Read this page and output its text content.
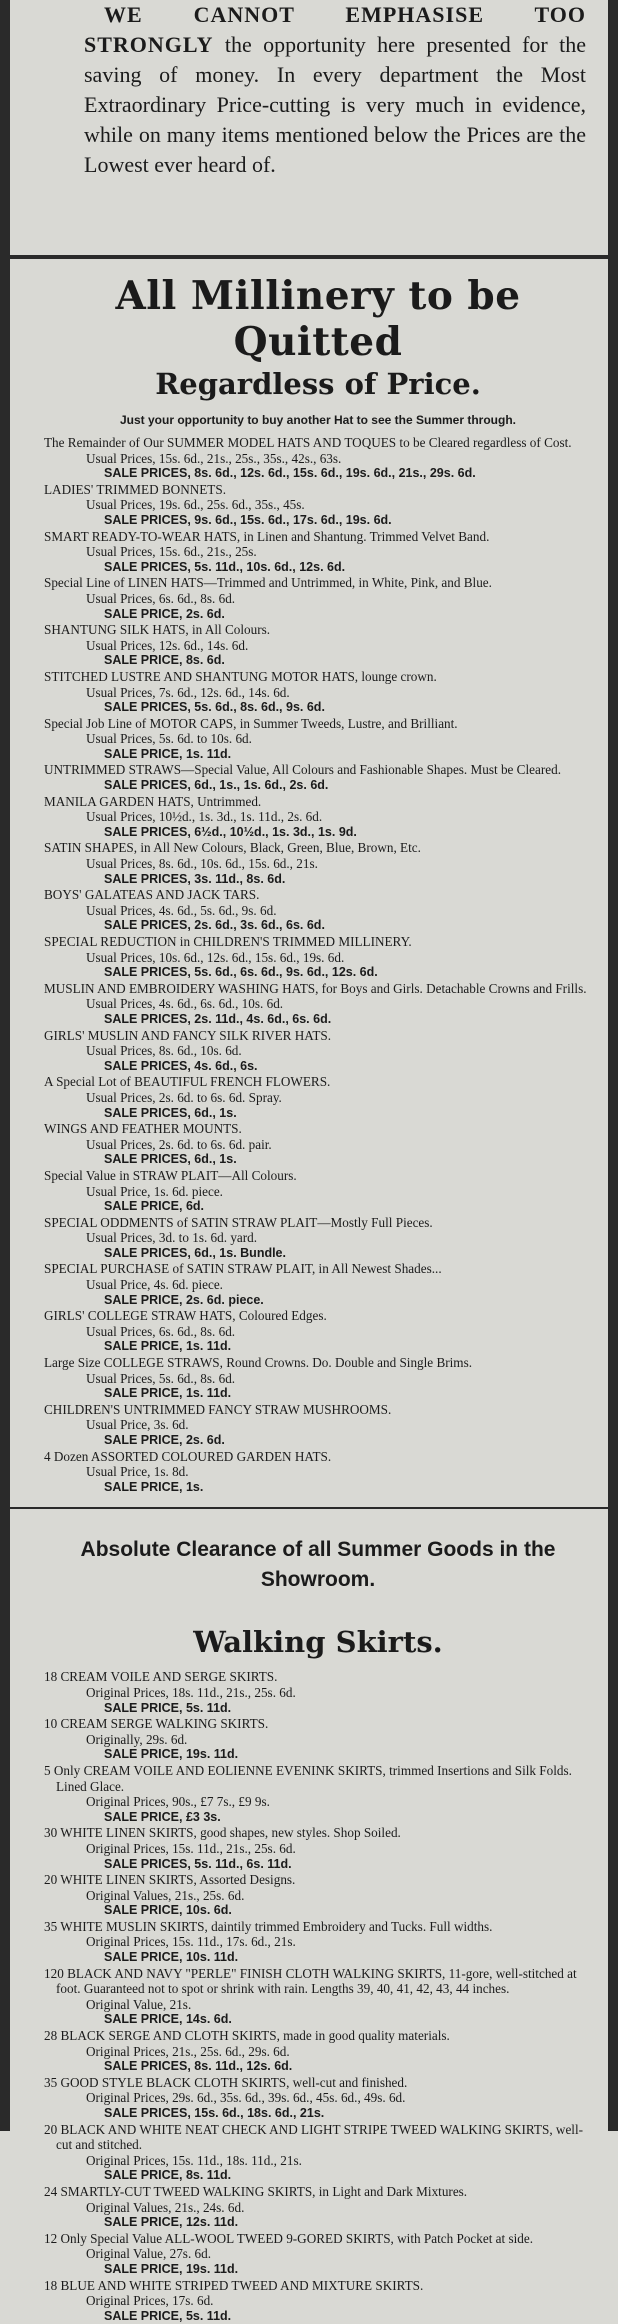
WE CANNOT EMPHASISE TOO STRONGLY the opportunity here presented for the saving of money. In every department the Most Extraordinary Price-cutting is very much in evidence, while on many items mentioned below the Prices are the Lowest ever heard of.
All Millinery to be Quitted
Regardless of Price.
Just your opportunity to buy another Hat to see the Summer through.
The Remainder of Our SUMMER MODEL HATS AND TOQUES to be Cleared regardless of Cost.
Usual Prices, 15s. 6d., 21s., 25s., 35s., 42s., 63s.
SALE PRICES, 8s. 6d., 12s. 6d., 15s. 6d., 19s. 6d., 21s., 29s. 6d.
LADIES' TRIMMED BONNETS.
Usual Prices, 19s. 6d., 25s. 6d., 35s., 45s.
SALE PRICES, 9s. 6d., 15s. 6d., 17s. 6d., 19s. 6d.
SMART READY-TO-WEAR HATS, in Linen and Shantung. Trimmed Velvet Band.
Usual Prices, 15s. 6d., 21s., 25s.
SALE PRICES, 5s. 11d., 10s. 6d., 12s. 6d.
Special Line of LINEN HATS—Trimmed and Untrimmed, in White, Pink, and Blue.
Usual Prices, 6s. 6d., 8s. 6d.
SALE PRICE, 2s. 6d.
SHANTUNG SILK HATS, in All Colours.
Usual Prices, 12s. 6d., 14s. 6d.
SALE PRICE, 8s. 6d.
STITCHED LUSTRE AND SHANTUNG MOTOR HATS, lounge crown.
Usual Prices, 7s. 6d., 12s. 6d., 14s. 6d.
SALE PRICES, 5s. 6d., 8s. 6d., 9s. 6d.
Special Job Line of MOTOR CAPS, in Summer Tweeds, Lustre, and Brilliant.
Usual Prices, 5s. 6d. to 10s. 6d.
SALE PRICE, 1s. 11d.
UNTRIMMED STRAWS—Special Value, All Colours and Fashionable Shapes. Must be Cleared.
SALE PRICES, 6d., 1s., 1s. 6d., 2s. 6d.
MANILA GARDEN HATS, Untrimmed.
Usual Prices, 10½d., 1s. 3d., 1s. 11d., 2s. 6d.
SALE PRICES, 6½d., 10½d., 1s. 3d., 1s. 9d.
SATIN SHAPES, in All New Colours, Black, Green, Blue, Brown, Etc.
Usual Prices, 8s. 6d., 10s. 6d., 15s. 6d., 21s.
SALE PRICES, 3s. 11d., 8s. 6d.
BOYS' GALATEAS AND JACK TARS.
Usual Prices, 4s. 6d., 5s. 6d., 9s. 6d.
SALE PRICES, 2s. 6d., 3s. 6d., 6s. 6d.
SPECIAL REDUCTION in CHILDREN'S TRIMMED MILLINERY.
Usual Prices, 10s. 6d., 12s. 6d., 15s. 6d., 19s. 6d.
SALE PRICES, 5s. 6d., 6s. 6d., 9s. 6d., 12s. 6d.
MUSLIN AND EMBROIDERY WASHING HATS, for Boys and Girls. Detachable Crowns and Frills.
Usual Prices, 4s. 6d., 6s. 6d., 10s. 6d.
SALE PRICES, 2s. 11d., 4s. 6d., 6s. 6d.
GIRLS' MUSLIN AND FANCY SILK RIVER HATS.
Usual Prices, 8s. 6d., 10s. 6d.
SALE PRICES, 4s. 6d., 6s.
A Special Lot of BEAUTIFUL FRENCH FLOWERS.
Usual Prices, 2s. 6d. to 6s. 6d. Spray.
SALE PRICES, 6d., 1s.
WINGS AND FEATHER MOUNTS.
Usual Prices, 2s. 6d. to 6s. 6d. pair.
SALE PRICES, 6d., 1s.
Special Value in STRAW PLAIT—All Colours.
Usual Price, 1s. 6d. piece.
SALE PRICE, 6d.
SPECIAL ODDMENTS of SATIN STRAW PLAIT—Mostly Full Pieces.
Usual Prices, 3d. to 1s. 6d. yard.
SALE PRICES, 6d., 1s. Bundle.
SPECIAL PURCHASE of SATIN STRAW PLAIT, in All Newest Shades...
Usual Price, 4s. 6d. piece.
SALE PRICE, 2s. 6d. piece.
GIRLS' COLLEGE STRAW HATS, Coloured Edges.
Usual Prices, 6s. 6d., 8s. 6d.
SALE PRICE, 1s. 11d.
Large Size COLLEGE STRAWS, Round Crowns. Do. Double and Single Brims.
Usual Prices, 5s. 6d., 8s. 6d.
SALE PRICE, 1s. 11d.
CHILDREN'S UNTRIMMED FANCY STRAW MUSHROOMS.
Usual Price, 3s. 6d.
SALE PRICE, 2s. 6d.
4 Dozen ASSORTED COLOURED GARDEN HATS.
Usual Price, 1s. 8d.
SALE PRICE, 1s.
Absolute Clearance of all Summer Goods in the Showroom.
Walking Skirts.
18 CREAM VOILE AND SERGE SKIRTS.
Original Prices, 18s. 11d., 21s., 25s. 6d.
SALE PRICE, 5s. 11d.
10 CREAM SERGE WALKING SKIRTS.
Originally, 29s. 6d.
SALE PRICE, 19s. 11d.
5 Only CREAM VOILE AND EOLIENNE EVENINK SKIRTS, trimmed Insertions and Silk Folds. Lined Glace.
Original Prices, 90s., £7 7s., £9 9s.
SALE PRICE, £3 3s.
30 WHITE LINEN SKIRTS, good shapes, new styles. Shop Soiled.
Original Prices, 15s. 11d., 21s., 25s. 6d.
SALE PRICES, 5s. 11d., 6s. 11d.
20 WHITE LINEN SKIRTS, Assorted Designs.
Original Values, 21s., 25s. 6d.
SALE PRICE, 10s. 6d.
35 WHITE MUSLIN SKIRTS, daintily trimmed Embroidery and Tucks. Full widths.
Original Prices, 15s. 11d., 17s. 6d., 21s.
SALE PRICE, 10s. 11d.
120 BLACK AND NAVY "PERLE" FINISH CLOTH WALKING SKIRTS, 11-gore, well-stitched at foot. Guaranteed not to spot or shrink with rain. Lengths 39, 40, 41, 42, 43, 44 inches.
Original Value, 21s.
SALE PRICE, 14s. 6d.
28 BLACK SERGE AND CLOTH SKIRTS, made in good quality materials.
Original Prices, 21s., 25s. 6d., 29s. 6d.
SALE PRICES, 8s. 11d., 12s. 6d.
35 GOOD STYLE BLACK CLOTH SKIRTS, well-cut and finished.
Original Prices, 29s. 6d., 35s. 6d., 39s. 6d., 45s. 6d., 49s. 6d.
SALE PRICES, 15s. 6d., 18s. 6d., 21s.
20 BLACK AND WHITE NEAT CHECK AND LIGHT STRIPE TWEED WALKING SKIRTS, well-cut and stitched.
Original Prices, 15s. 11d., 18s. 11d., 21s.
SALE PRICE, 8s. 11d.
24 SMARTLY-CUT TWEED WALKING SKIRTS, in Light and Dark Mixtures.
Original Values, 21s., 24s. 6d.
SALE PRICE, 12s. 11d.
12 Only Special Value ALL-WOOL TWEED 9-GORED SKIRTS, with Patch Pocket at side.
Original Value, 27s. 6d.
SALE PRICE, 19s. 11d.
18 BLUE AND WHITE STRIPED TWEED AND MIXTURE SKIRTS.
Original Prices, 17s. 6d.
SALE PRICE, 5s. 11d.
